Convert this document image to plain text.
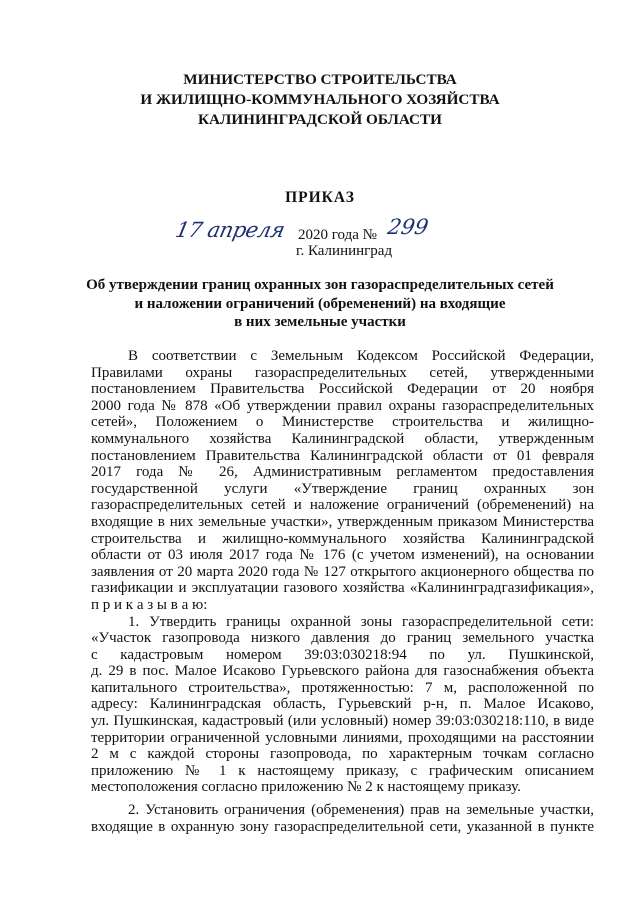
МИНИСТЕРСТВО СТРОИТЕЛЬСТВА
И ЖИЛИЩНО-КОММУНАЛЬНОГО ХОЗЯЙСТВА
КАЛИНИНГРАДСКОЙ ОБЛАСТИ
ПРИКАЗ
17 апреля 2020 года № 299
г. Калининград
Об утверждении границ охранных зон газораспределительных сетей
и наложении ограничений (обременений) на входящие
в них земельные участки
В соответствии с Земельным Кодексом Российской Федерации,
Правилами охраны газораспределительных сетей, утвержденными
постановлением Правительства Российской Федерации от 20 ноября
2000 года № 878 «Об утверждении правил охраны газораспределительных
сетей», Положением о Министерстве строительства и жилищно-
коммунального хозяйства Калининградской области, утвержденным
постановлением Правительства Калининградской области от 01 февраля
2017 года № 26, Административным регламентом предоставления
государственной услуги «Утверждение границ охранных зон
газораспределительных сетей и наложение ограничений (обременений) на
входящие в них земельные участки», утвержденным приказом Министерства
строительства и жилищно-коммунального хозяйства Калининградской
области от 03 июля 2017 года № 176 (с учетом изменений), на основании
заявления от 20 марта 2020 года № 127 открытого акционерного общества по
газификации и эксплуатации газового хозяйства «Калининградгазификация»,
п р и к а з ы в а ю:
1. Утвердить границы охранной зоны газораспределительной сети:
«Участок газопровода низкого давления до границ земельного участка
с кадастровым номером 39:03:030218:94 по ул. Пушкинской,
д. 29 в пос. Малое Исаково Гурьевского района для газоснабжения объекта
капитального строительства», протяженностью: 7 м, расположенной по
адресу: Калининградская область, Гурьевский р-н, п. Малое Исаково,
ул. Пушкинская, кадастровый (или условный) номер 39:03:030218:110, в виде
территории ограниченной условными линиями, проходящими на расстоянии
2 м с каждой стороны газопровода, по характерным точкам согласно
приложению № 1 к настоящему приказу, с графическим описанием
местоположения согласно приложению № 2 к настоящему приказу.
2. Установить ограничения (обременения) прав на земельные участки,
входящие в охранную зону газораспределительной сети, указанной в пункте
